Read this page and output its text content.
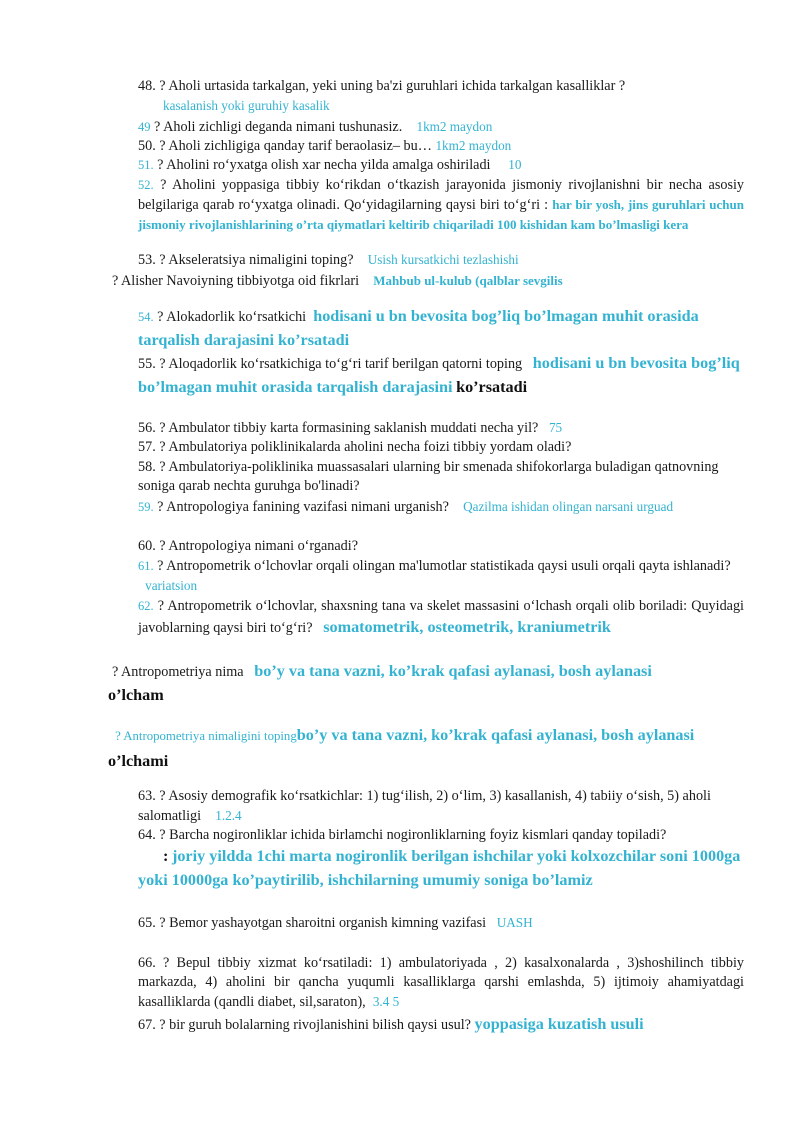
48. ? Aholi urtasida tarkalgan, yeki uning ba'zi guruhlari ichida tarkalgan kasalliklar ?
kasalanish yoki guruhiy kasalik
49 ? Aholi zichligi deganda nimani tushunasiz. 1km2 maydon
50. ? Aholi zichligiga qanday tarif beraolasiz– bu… 1km2 maydon
51. ? Aholini ro‘yxatga olish xar necha yilda amalga oshiriladi 10
52. ? Aholini yoppasiga tibbiy ko‘rikdan o‘tkazish jarayonida jismoniy rivojlanishni bir necha asosiy belgilariga qarab ro‘yxatga olinadi. Qo‘yidagilarning qaysi biri to‘g‘ri : har bir yosh, jins guruhlari uchun jismoniy rivojlanishlarining o’rta qiymatlari keltirib chiqariladi 100 kishidan kam bo’lmasligi kera
53. ? Akseleratsiya nimaligini toping? Usish kursatkichi tezlashishi
? Alisher Navoiyning tibbiyotga oid fikrlari Mahbub ul-kulub (qalblar sevgilis
54. ? Alokadorlik ko‘rsatkichi hodisani u bn bevosita bog’liq bo’lmagan muhit orasida tarqalish darajasini ko’rsatadi
55. ? Aloqadorlik ko‘rsatkichiga to‘g‘ri tarif berilgan qatorni toping hodisani u bn bevosita bog’liq bo’lmagan muhit orasida tarqalish darajasini ko’rsatadi
56. ? Ambulator tibbiy karta formasining saklanish muddati necha yil? 75
57. ? Ambulatoriya poliklinikalarda aholini necha foizi tibbiy yordam oladi?
58. ? Ambulatoriya-poliklinika muassasalari ularning bir smenada shifokorlarga buladigan qatnovning soniga qarab nechta guruhga bo'linadi?
59. ? Antropologiya fanining vazifasi nimani urganish? Qazilma ishidan olingan narsani urguad
60. ? Antropologiya nimani o‘rganadi?
61. ? Antropometrik o‘lchovlar orqali olingan ma'lumotlar statistikada qaysi usuli orqali qayta ishlanadi?   variatsion
62. ? Antropometrik o‘lchovlar, shaxsning tana va skelet massasini o‘lchash orqali olib boriladi: Quyidagi javoblarning qaysi biri to‘g‘ri? somatometrik, osteometrik, kraniumetrik
? Antropometriya nima bo’y va tana vazni, ko’krak qafasi aylanasi, bosh aylanasi
o’lcham
? Antropometriya nimaligini topingbo’y va tana vazni, ko’krak qafasi aylanasi, bosh aylanasi o’lchami
63. ? Asosiy demografik ko‘rsatkichlar: 1) tug‘ilish, 2) o‘lim, 3) kasallanish, 4) tabiiy o‘sish, 5) aholi salomatligi 1.2.4
64. ? Barcha nogironliklar ichida birlamchi nogironliklarning foyiz kismlari qanday topiladi?
: joriy yildda 1chi marta nogironlik berilgan ishchilar yoki kolxozchilar soni 1000ga yoki 10000ga ko’paytirilib, ishchilarning umumiy soniga bo’lamiz
65. ? Bemor yashayotgan sharoitni organish kimning vazifasi UASH
66. ? Bepul tibbiy xizmat ko‘rsatiladi: 1) ambulatoriyada , 2) kasalxonalarda , 3)shoshilinch tibbiy markazda, 4) aholini bir qancha yuqumli kasalliklarga qarshi emlashda, 5) ijtimoiy ahamiyatdagi kasalliklarda (qandli diabet, sil,saraton), 3.4 5
67. ? bir guruh bolalarning rivojlanishini bilish qaysi usul? yoppasiga kuzatish usuli
